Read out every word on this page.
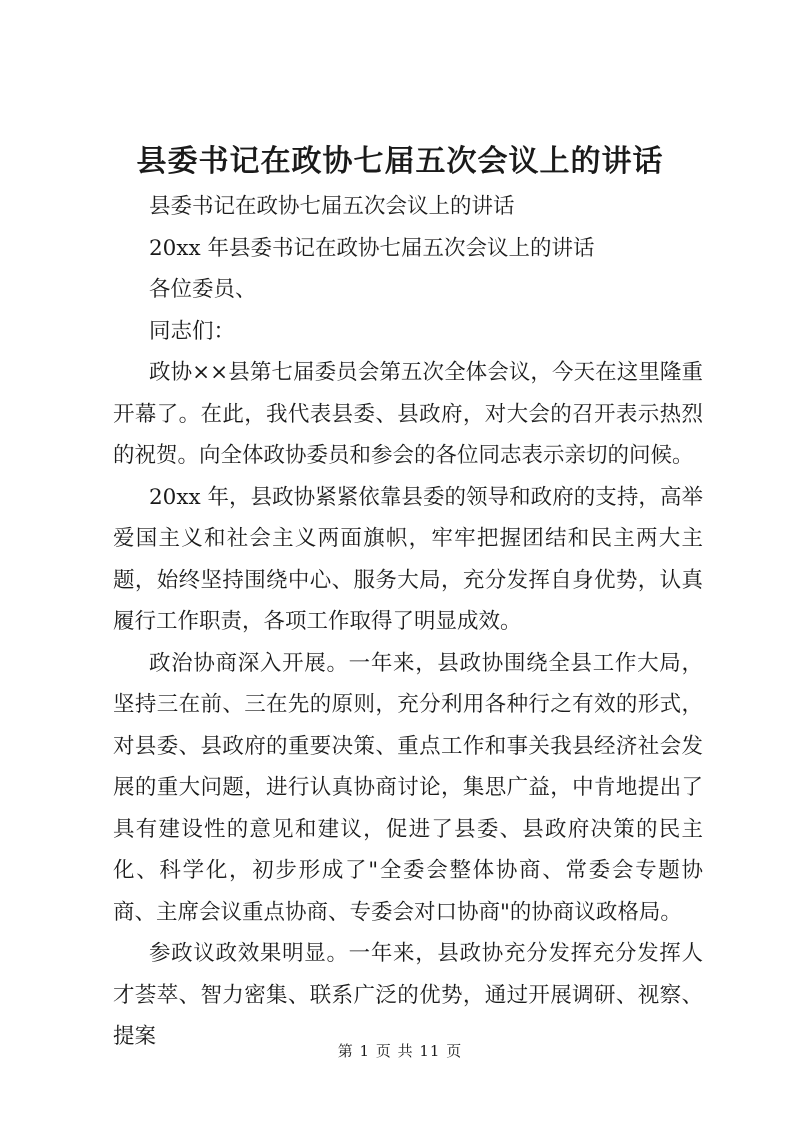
县委书记在政协七届五次会议上的讲话

县委书记在政协七届五次会议上的讲话

20xx 年县委书记在政协七届五次会议上的讲话

各位委员、

同志们：

政协××县第七届委员会第五次全体会议，今天在这里隆重开幕了。在此，我代表县委、县政府，对大会的召开表示热烈的祝贺。向全体政协委员和参会的各位同志表示亲切的问候。

20xx 年，县政协紧紧依靠县委的领导和政府的支持，高举爱国主义和社会主义两面旗帜，牢牢把握团结和民主两大主题，始终坚持围绕中心、服务大局，充分发挥自身优势，认真履行工作职责，各项工作取得了明显成效。

政治协商深入开展。一年来，县政协围绕全县工作大局，坚持三在前、三在先的原则，充分利用各种行之有效的形式，对县委、县政府的重要决策、重点工作和事关我县经济社会发展的重大问题，进行认真协商讨论，集思广益，中肯地提出了具有建设性的意见和建议，促进了县委、县政府决策的民主化、科学化，初步形成了"全委会整体协商、常委会专题协商、主席会议重点协商、专委会对口协商"的协商议政格局。

参政议政效果明显。一年来，县政协充分发挥充分发挥人才荟萃、智力密集、联系广泛的优势，通过开展调研、视察、提案

第 1 页 共 11 页
